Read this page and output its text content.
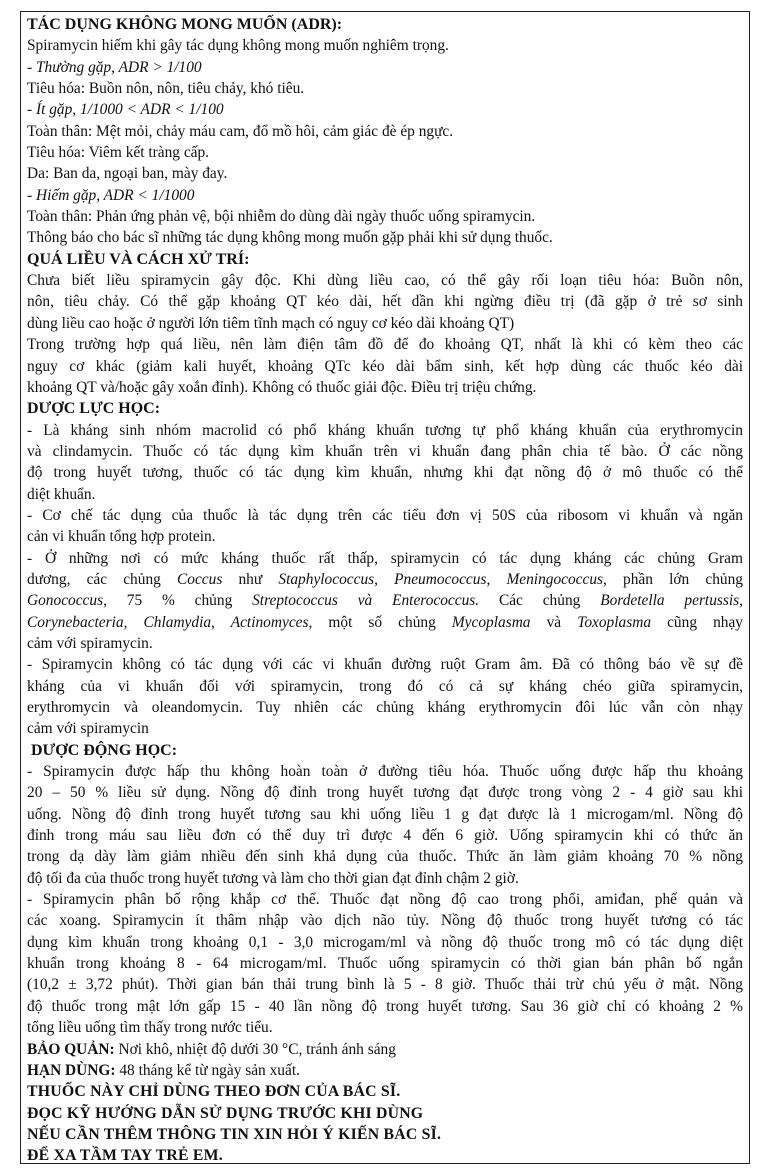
TÁC DỤNG KHÔNG MONG MUỐN (ADR):
Spiramycin hiếm khi gây tác dụng không mong muốn nghiêm trọng.
- Thường gặp, ADR > 1/100
Tiêu hóa: Buồn nôn, nôn, tiêu chảy, khó tiêu.
- Ít gặp, 1/1000 < ADR < 1/100
Toàn thân: Mệt mỏi, chảy máu cam, đổ mồ hôi, cảm giác đè ép ngực.
Tiêu hóa: Viêm kết tràng cấp.
Da: Ban da, ngoại ban, mày đay.
- Hiếm gặp, ADR < 1/1000
Toàn thân: Phản ứng phản vệ, bội nhiễm do dùng dài ngày thuốc uống spiramycin.
Thông báo cho bác sĩ những tác dụng không mong muốn gặp phải khi sử dụng thuốc.
QUÁ LIỀU VÀ CÁCH XỬ TRÍ:
Chưa biết liều spiramycin gây độc. Khi dùng liều cao, có thể gây rối loạn tiêu hóa: Buồn nôn,
nôn, tiêu chảy. Có thể gặp khoảng QT kéo dài, hết dần khi ngừng điều trị (đã gặp ở trẻ sơ sinh
dùng liều cao hoặc ở người lớn tiêm tĩnh mạch có nguy cơ kéo dài khoảng QT)
Trong trường hợp quá liều, nên làm điện tâm đồ để đo khoảng QT, nhất là khi có kèm theo các
nguy cơ khác (giảm kali huyết, khoảng QTc kéo dài bẩm sinh, kết hợp dùng các thuốc kéo dài
khoảng QT và/hoặc gây xoắn đỉnh). Không có thuốc giải độc. Điều trị triệu chứng.
DƯỢC LỰC HỌC:
- Là kháng sinh nhóm macrolid có phổ kháng khuẩn tương tự phổ kháng khuẩn của erythromycin
và clindamycin. Thuốc có tác dụng kìm khuẩn trên vi khuẩn đang phân chia tế bào. Ở các nồng
độ trong huyết tương, thuốc có tác dụng kìm khuẩn, nhưng khi đạt nồng độ ở mô thuốc có thể
diệt khuẩn.
- Cơ chế tác dụng của thuốc là tác dụng trên các tiểu đơn vị 50S của ribosom vi khuẩn và ngăn
cản vi khuẩn tổng hợp protein.
- Ở những nơi có mức kháng thuốc rất thấp, spiramycin có tác dụng kháng các chủng Gram
dương, các chủng Coccus như Staphylococcus, Pneumococcus, Meningococcus, phần lớn chủng
Gonococcus, 75 % chủng Streptococcus và Enterococcus. Các chủng Bordetella pertussis,
Corynebacteria, Chlamydia, Actinomyces, một số chủng Mycoplasma và Toxoplasma cũng nhạy
cảm với spiramycin.
- Spiramycin không có tác dụng với các vi khuẩn đường ruột Gram âm. Đã có thông báo về sự đề
kháng của vi khuẩn đối với spiramycin, trong đó có cả sự kháng chéo giữa spiramycin,
erythromycin và oleandomycin. Tuy nhiên các chủng kháng erythromycin đôi lúc vẫn còn nhạy
cảm với spiramycin
DƯỢC ĐỘNG HỌC:
- Spiramycin được hấp thu không hoàn toàn ở đường tiêu hóa. Thuốc uống được hấp thu khoảng
20 – 50 % liều sử dụng. Nồng độ đỉnh trong huyết tương đạt được trong vòng 2 - 4 giờ sau khi
uống. Nồng độ đỉnh trong huyết tương sau khi uống liều 1 g đạt được là 1 microgam/ml. Nồng độ
đỉnh trong máu sau liều đơn có thể duy trì được 4 đến 6 giờ. Uống spiramycin khi có thức ăn
trong dạ dày làm giảm nhiều đến sinh khả dụng của thuốc. Thức ăn làm giảm khoảng 70 % nồng
độ tối đa của thuốc trong huyết tương và làm cho thời gian đạt đỉnh chậm 2 giờ.
- Spiramycin phân bố rộng khắp cơ thể. Thuốc đạt nồng độ cao trong phổi, amiđan, phế quản và
các xoang. Spiramycin ít thâm nhập vào dịch não tủy. Nồng độ thuốc trong huyết tương có tác
dụng kìm khuẩn trong khoảng 0,1 - 3,0 microgam/ml và nồng độ thuốc trong mô có tác dụng diệt
khuẩn trong khoảng 8 - 64 microgam/ml. Thuốc uống spiramycin có thời gian bán phân bố ngắn
(10,2 ± 3,72 phút). Thời gian bán thải trung bình là 5 - 8 giờ. Thuốc thải trừ chủ yếu ở mật. Nồng
độ thuốc trong mật lớn gấp 15 - 40 lần nồng độ trong huyết tương. Sau 36 giờ chỉ có khoảng 2 %
tổng liều uống tìm thấy trong nước tiểu.
BẢO QUẢN: Nơi khô, nhiệt độ dưới 30 °C, tránh ánh sáng
HẠN DÙNG: 48 tháng kể từ ngày sản xuất.
THUỐC NÀY CHỈ DÙNG THEO ĐƠN CỦA BÁC SĨ.
ĐỌC KỸ HƯỚNG DẪN SỬ DỤNG TRƯỚC KHI DÙNG
NẾU CẦN THÊM THÔNG TIN XIN HỎI Ý KIẾN BÁC SĨ.
ĐỂ XA TẦM TAY TRẺ EM.
